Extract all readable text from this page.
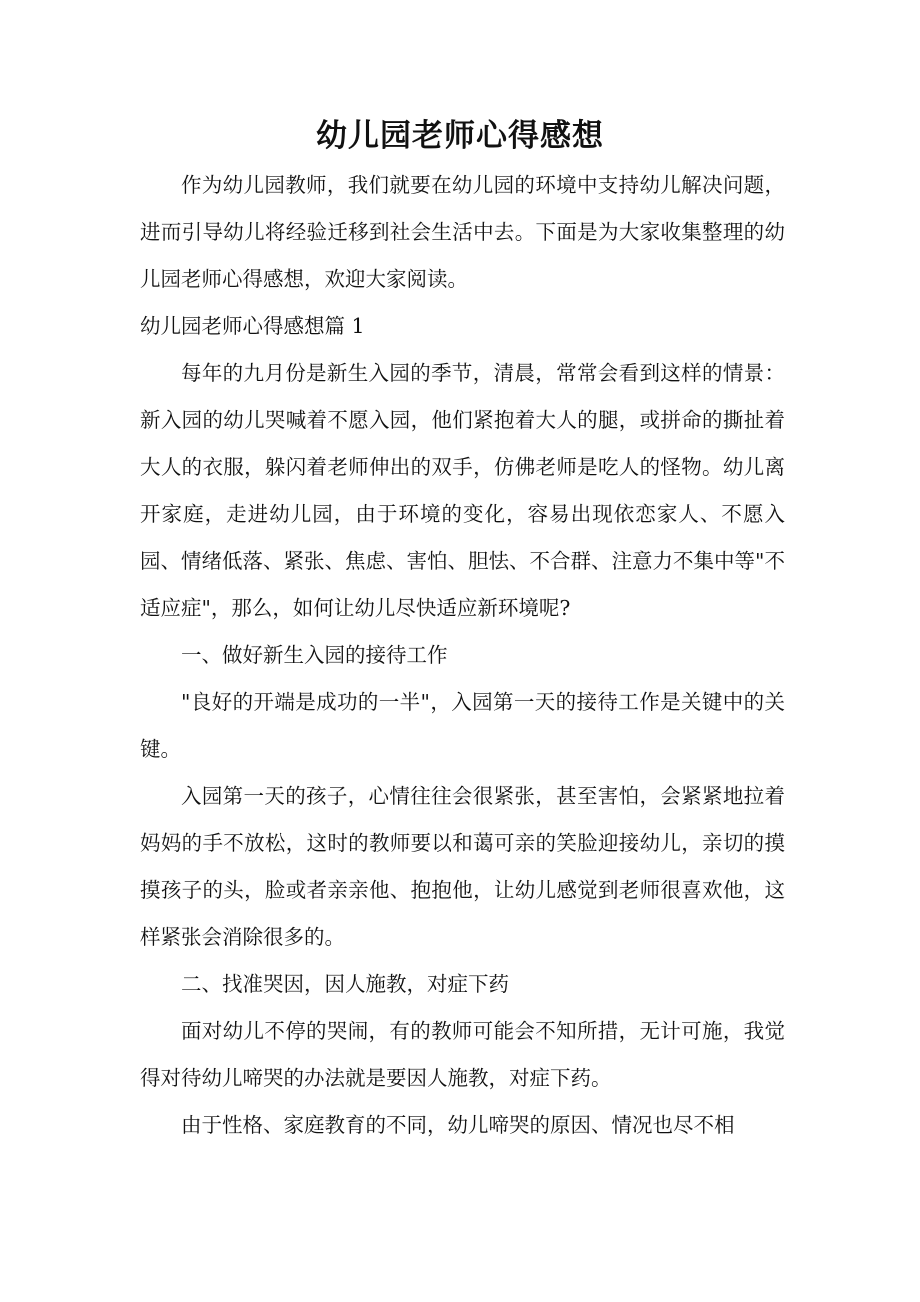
幼儿园老师心得感想

作为幼儿园教师，我们就要在幼儿园的环境中支持幼儿解决问题，进而引导幼儿将经验迁移到社会生活中去。下面是为大家收集整理的幼儿园老师心得感想，欢迎大家阅读。

幼儿园老师心得感想篇 1

每年的九月份是新生入园的季节，清晨，常常会看到这样的情景：新入园的幼儿哭喊着不愿入园，他们紧抱着大人的腿，或拼命的撕扯着大人的衣服，躲闪着老师伸出的双手，仿佛老师是吃人的怪物。幼儿离开家庭，走进幼儿园，由于环境的变化，容易出现依恋家人、不愿入园、情绪低落、紧张、焦虑、害怕、胆怯、不合群、注意力不集中等"不适应症"，那么，如何让幼儿尽快适应新环境呢?

一、做好新生入园的接待工作

"良好的开端是成功的一半"，入园第一天的接待工作是关键中的关键。

入园第一天的孩子，心情往往会很紧张，甚至害怕，会紧紧地拉着妈妈的手不放松，这时的教师要以和蔼可亲的笑脸迎接幼儿，亲切的摸摸孩子的头，脸或者亲亲他、抱抱他，让幼儿感觉到老师很喜欢他，这样紧张会消除很多的。

二、找准哭因，因人施教，对症下药

面对幼儿不停的哭闹，有的教师可能会不知所措，无计可施，我觉得对待幼儿啼哭的办法就是要因人施教，对症下药。

由于性格、家庭教育的不同，幼儿啼哭的原因、情况也尽不相
